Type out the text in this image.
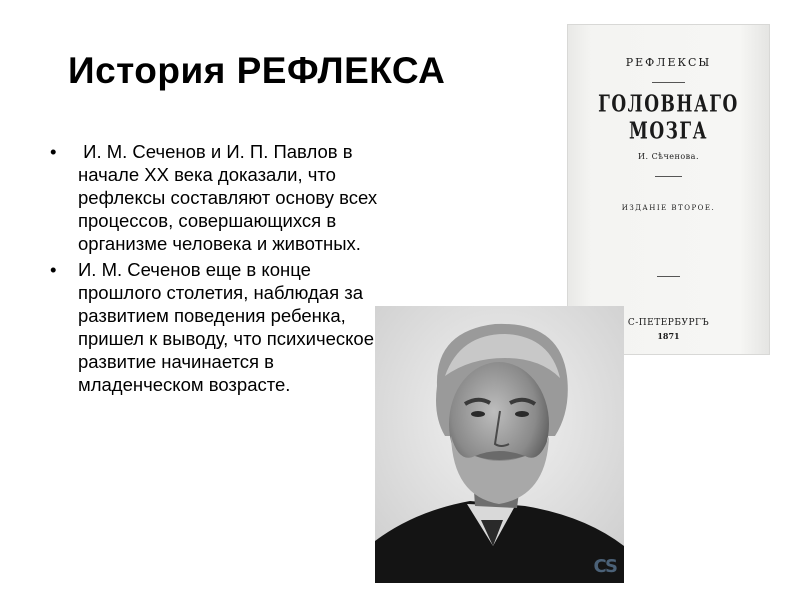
История РЕФЛЕКСА
•	И. М. Сеченов и И. П. Павлов в начале XX века доказали, что рефлексы составляют основу всех процессов, совершающихся в организме человека и животных.
•	И. М. Сеченов еще в конце прошлого столетия, наблюдая за развитием поведения ребенка, пришел к выводу, что психическое развитие начинается в младенческом возрасте.
РЕФЛЕКСЫ
ГОЛОВНАГО МОЗГА
И. Сѣченова.
ИЗДАНІЕ ВТОРОЕ.
С-ПЕТЕРБУРГЪ
1871
CS
